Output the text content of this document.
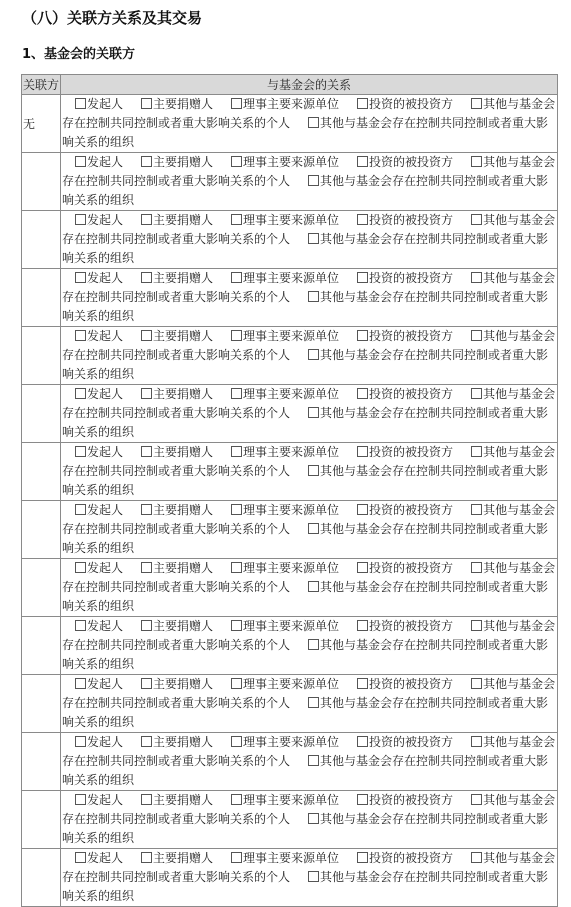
（八）关联方关系及其交易
1、基金会的关联方
关联方	与基金会的关系
无	发起人 主要捐赠人 理事主要来源单位 投资的被投资方 其他与基金会存在控制共同控制或者重大影响关系的个人 其他与基金会存在控制共同控制或者重大影响关系的组织

	发起人 主要捐赠人 理事主要来源单位 投资的被投资方 其他与基金会存在控制共同控制或者重大影响关系的个人 其他与基金会存在控制共同控制或者重大影响关系的组织

	发起人 主要捐赠人 理事主要来源单位 投资的被投资方 其他与基金会存在控制共同控制或者重大影响关系的个人 其他与基金会存在控制共同控制或者重大影响关系的组织

	发起人 主要捐赠人 理事主要来源单位 投资的被投资方 其他与基金会存在控制共同控制或者重大影响关系的个人 其他与基金会存在控制共同控制或者重大影响关系的组织

	发起人 主要捐赠人 理事主要来源单位 投资的被投资方 其他与基金会存在控制共同控制或者重大影响关系的个人 其他与基金会存在控制共同控制或者重大影响关系的组织

	发起人 主要捐赠人 理事主要来源单位 投资的被投资方 其他与基金会存在控制共同控制或者重大影响关系的个人 其他与基金会存在控制共同控制或者重大影响关系的组织

	发起人 主要捐赠人 理事主要来源单位 投资的被投资方 其他与基金会存在控制共同控制或者重大影响关系的个人 其他与基金会存在控制共同控制或者重大影响关系的组织

	发起人 主要捐赠人 理事主要来源单位 投资的被投资方 其他与基金会存在控制共同控制或者重大影响关系的个人 其他与基金会存在控制共同控制或者重大影响关系的组织

	发起人 主要捐赠人 理事主要来源单位 投资的被投资方 其他与基金会存在控制共同控制或者重大影响关系的个人 其他与基金会存在控制共同控制或者重大影响关系的组织

	发起人 主要捐赠人 理事主要来源单位 投资的被投资方 其他与基金会存在控制共同控制或者重大影响关系的个人 其他与基金会存在控制共同控制或者重大影响关系的组织

	发起人 主要捐赠人 理事主要来源单位 投资的被投资方 其他与基金会存在控制共同控制或者重大影响关系的个人 其他与基金会存在控制共同控制或者重大影响关系的组织

	发起人 主要捐赠人 理事主要来源单位 投资的被投资方 其他与基金会存在控制共同控制或者重大影响关系的个人 其他与基金会存在控制共同控制或者重大影响关系的组织

	发起人 主要捐赠人 理事主要来源单位 投资的被投资方 其他与基金会存在控制共同控制或者重大影响关系的个人 其他与基金会存在控制共同控制或者重大影响关系的组织

	发起人 主要捐赠人 理事主要来源单位 投资的被投资方 其他与基金会存在控制共同控制或者重大影响关系的个人 其他与基金会存在控制共同控制或者重大影响关系的组织
